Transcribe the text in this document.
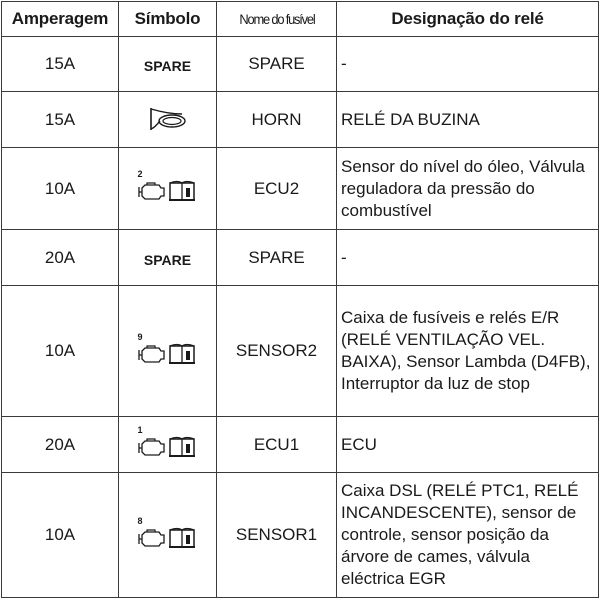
Amperagem	Símbolo	Nome do fusível	Designação do relé
15A	SPARE	SPARE	-
15A		HORN	RELÉ DA BUZINA
10A	2	ECU2	Sensor do nível do óleo, Válvula reguladora da pressão do combustível
20A	SPARE	SPARE	-
10A	9	SENSOR2	Caixa de fusíveis e relés E/R (RELÉ VENTILAÇÃO VEL. BAIXA), Sensor Lambda (D4FB), Interruptor da luz de stop
20A	1	ECU1	ECU
10A	8	SENSOR1	Caixa DSL (RELÉ PTC1, RELÉ INCANDESCENTE), sensor de controle, sensor posição da árvore de cames, válvula eléctrica EGR
